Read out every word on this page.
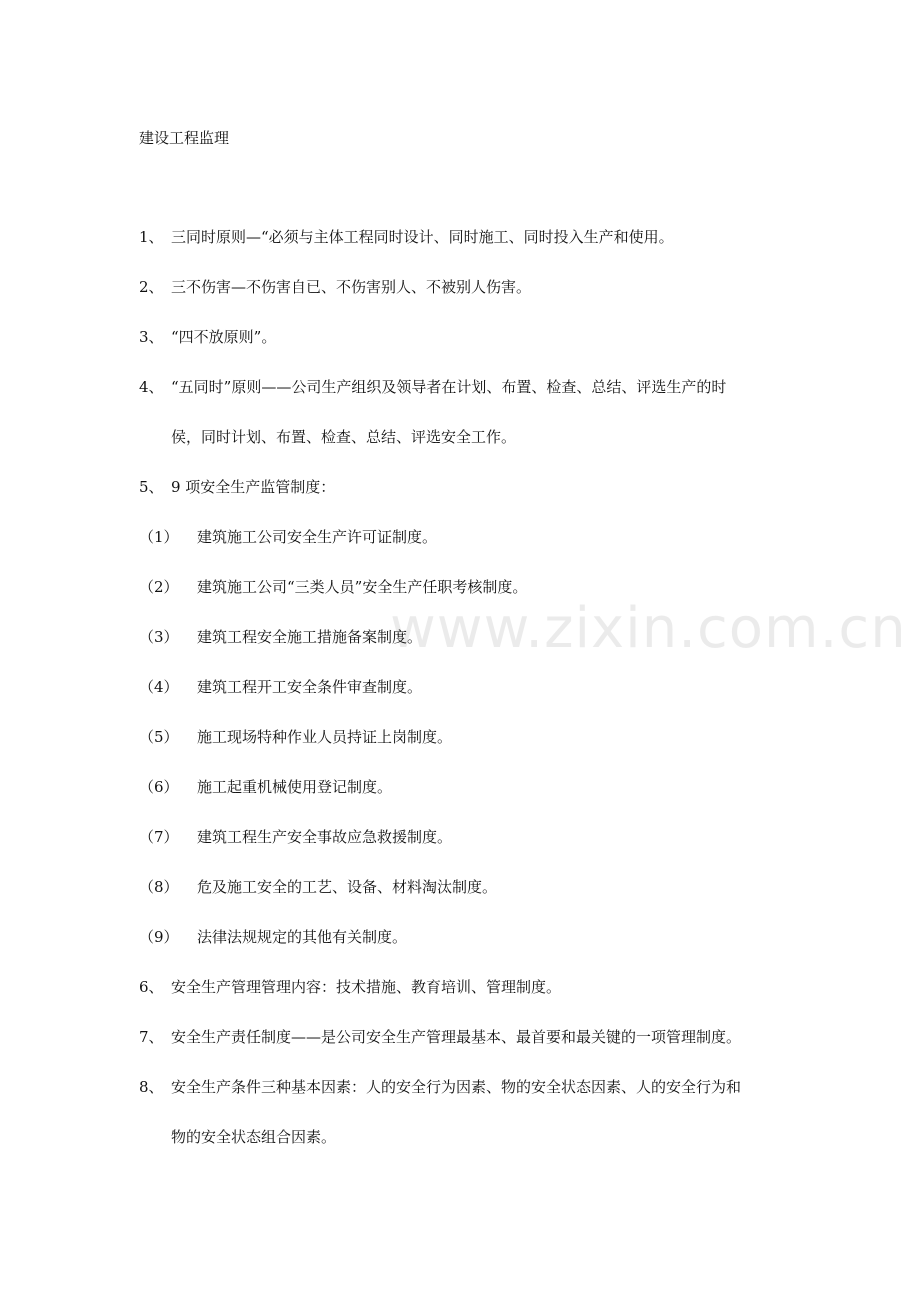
www.zixin.com.cn
建设工程监理
1、 三同时原则—“必须与主体工程同时设计、同时施工、同时投入生产和使用。
2、 三不伤害—不伤害自已、不伤害别人、不被别人伤害。
3、 “四不放原则”。
4、 “五同时”原则——公司生产组织及领导者在计划、布置、检查、总结、评选生产的时
侯，同时计划、布置、检查、总结、评选安全工作。
5、 9 项安全生产监管制度：
（1） 建筑施工公司安全生产许可证制度。
（2） 建筑施工公司“三类人员”安全生产任职考核制度。
（3） 建筑工程安全施工措施备案制度。
（4） 建筑工程开工安全条件审查制度。
（5） 施工现场特种作业人员持证上岗制度。
（6） 施工起重机械使用登记制度。
（7） 建筑工程生产安全事故应急救援制度。
（8） 危及施工安全的工艺、设备、材料淘汰制度。
（9） 法律法规规定的其他有关制度。
6、 安全生产管理管理内容：技术措施、教育培训、管理制度。
7、 安全生产责任制度——是公司安全生产管理最基本、最首要和最关键的一项管理制度。
8、 安全生产条件三种基本因素：人的安全行为因素、物的安全状态因素、人的安全行为和
物的安全状态组合因素。
